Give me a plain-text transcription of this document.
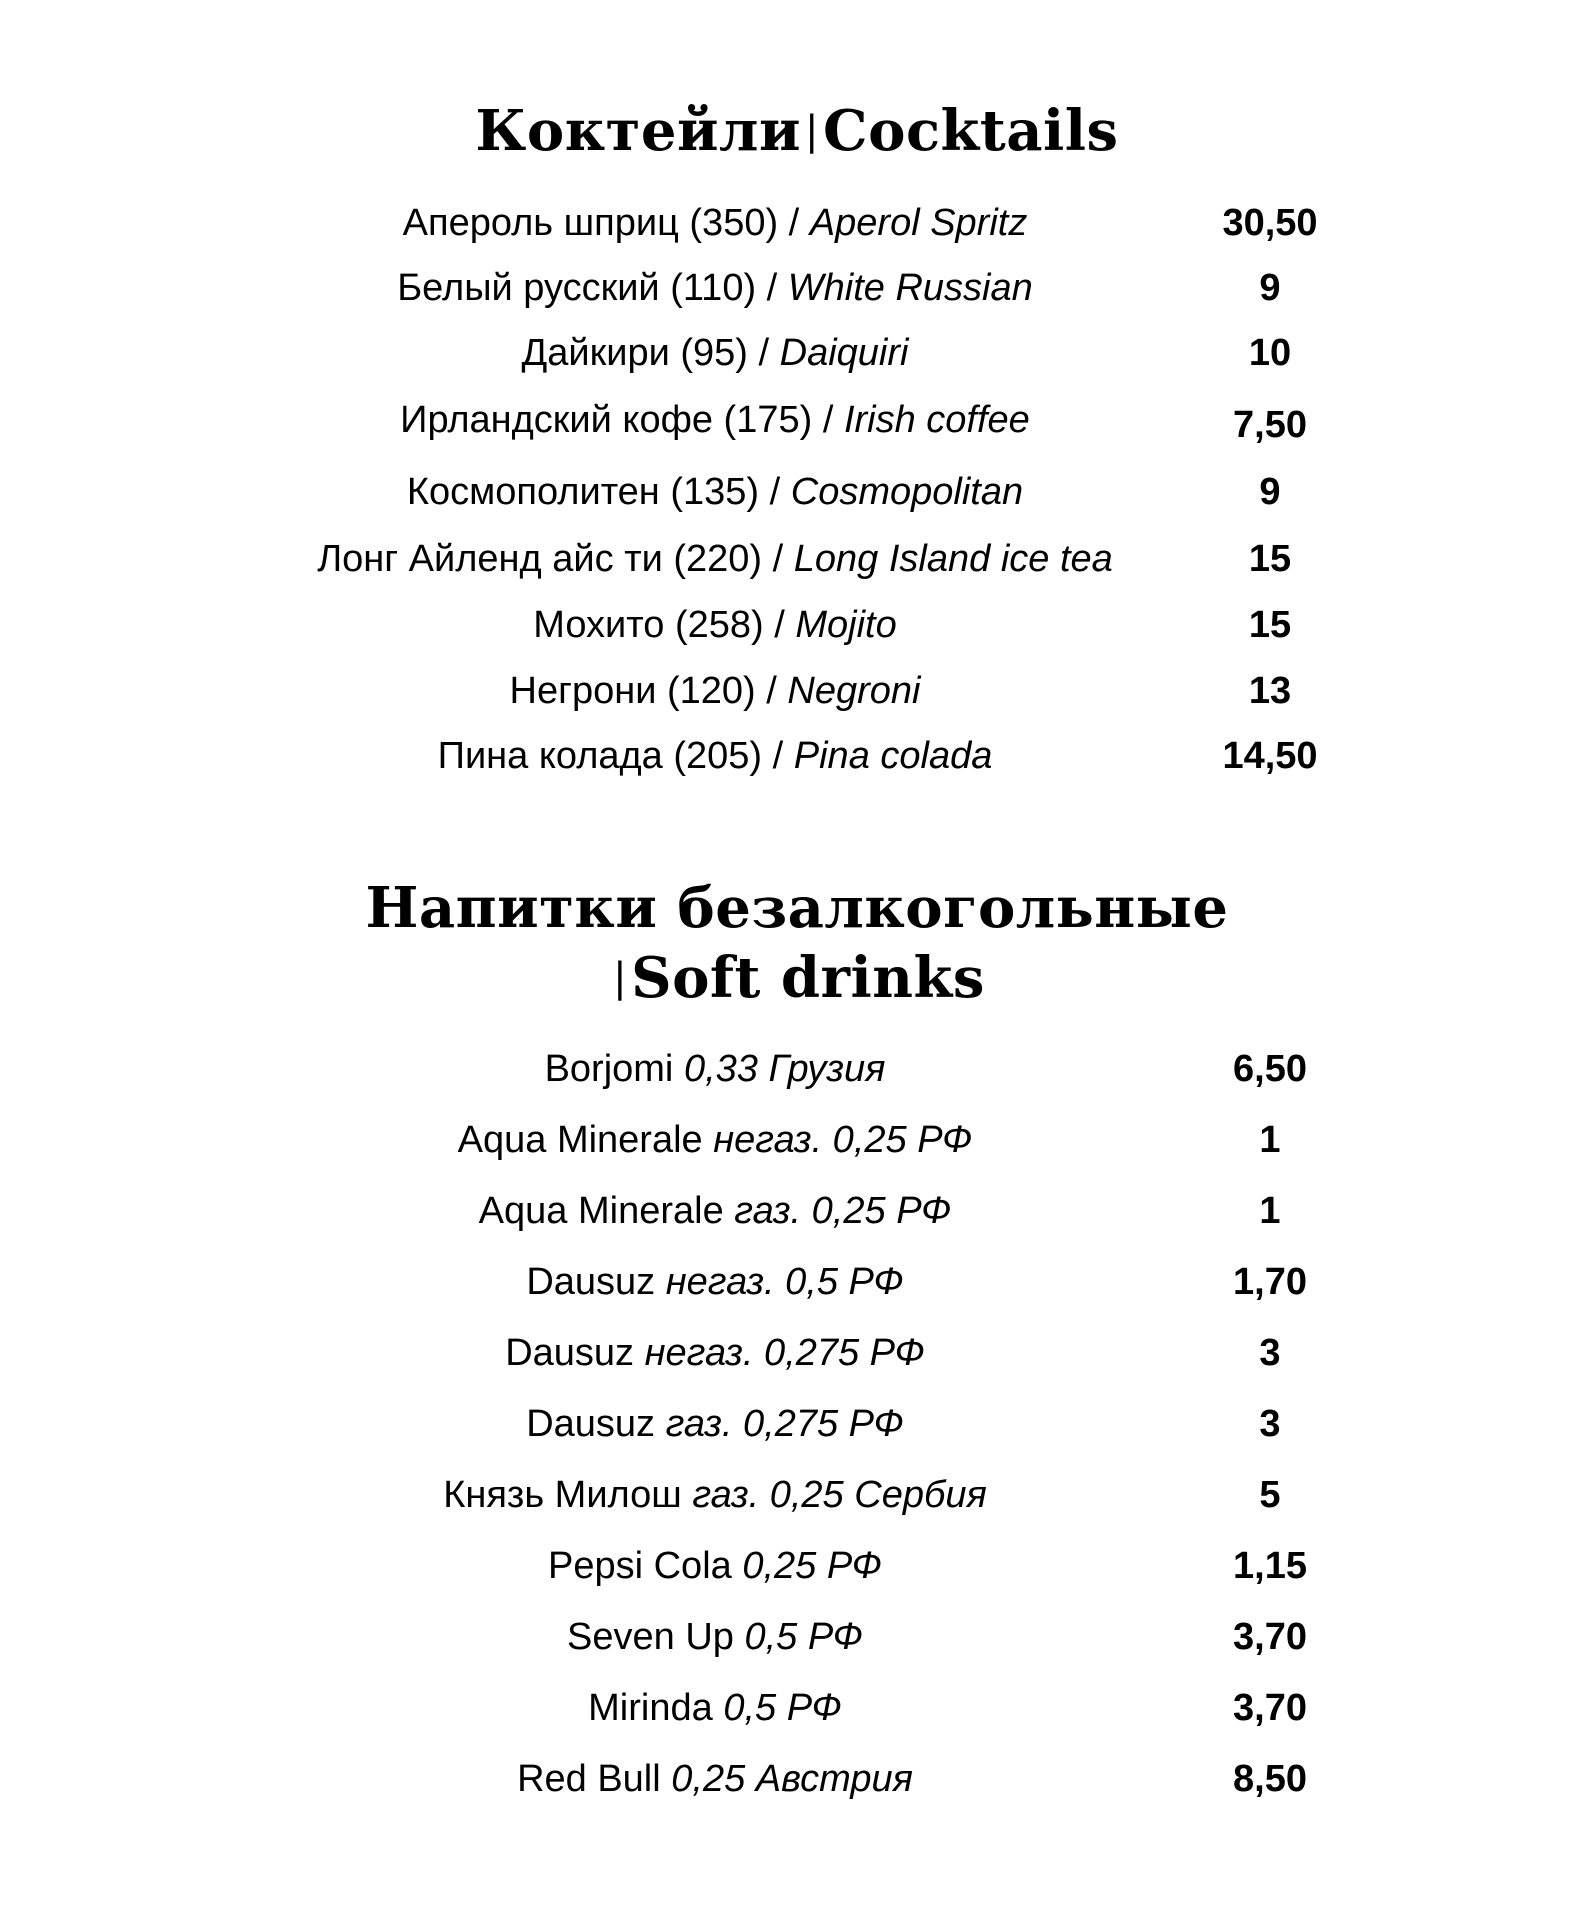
Коктейли |Cocktails
Апероль шприц (350) / Aperol Spritz	30,50
Белый русский (110) / White Russian	9
Дайкири (95) / Daiquiri	10
Ирландский кофе (175) / Irish coffee	7,50
Космополитен (135) / Cosmopolitan	9
Лонг Айленд айс ти (220) / Long Island ice tea	15
Мохито (258) / Mojito	15
Негрони (120) / Negroni	13
Пина колада (205) / Pina colada	14,50
Напитки безалкогольные
|Soft drinks
Borjomi 0,33 Грузия	6,50
Aqua Minerale негаз. 0,25 РФ	1
Aqua Minerale газ. 0,25 РФ	1
Dausuz негаз. 0,5 РФ	1,70
Dausuz негаз. 0,275 РФ	3
Dausuz газ. 0,275 РФ	3
Князь Милош газ. 0,25 Сербия	5
Pepsi Cola 0,25 РФ	1,15
Seven Up 0,5 РФ	3,70
Mirinda 0,5 РФ	3,70
Red Bull 0,25 Австрия	8,50
